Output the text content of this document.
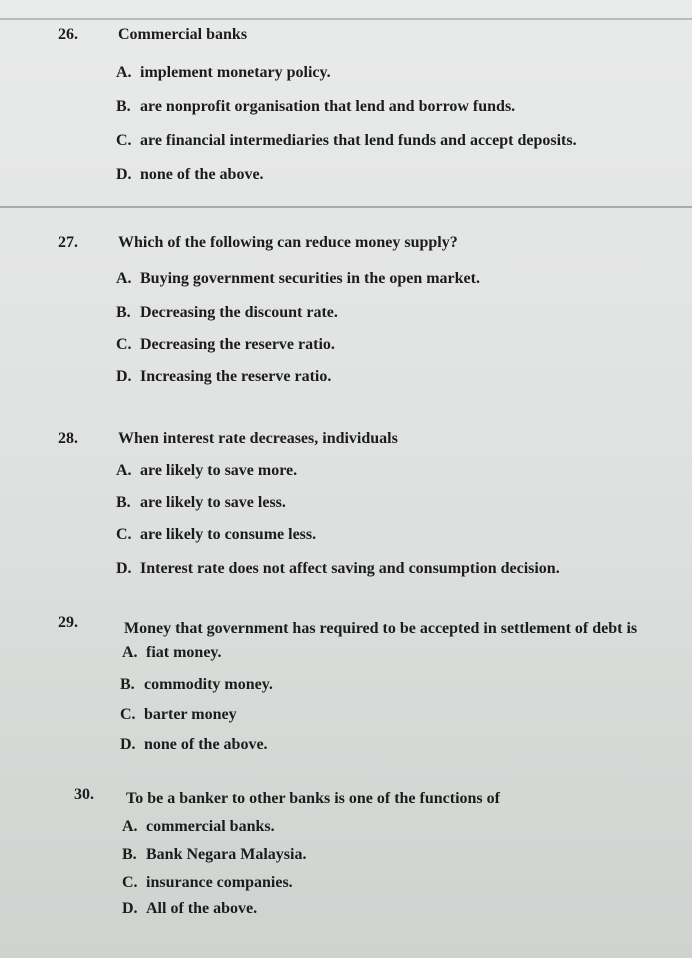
26.	Commercial banks
A. implement monetary policy.
B. are nonprofit organisation that lend and borrow funds.
C. are financial intermediaries that lend funds and accept deposits.
D. none of the above.
27.	Which of the following can reduce money supply?
A. Buying government securities in the open market.
B. Decreasing the discount rate.
C. Decreasing the reserve ratio.
D. Increasing the reserve ratio.
28.	When interest rate decreases, individuals
A. are likely to save more.
B. are likely to save less.
C. are likely to consume less.
D. Interest rate does not affect saving and consumption decision.
29.	Money that government has required to be accepted in settlement of debt is
A. fiat money.
B. commodity money.
C. barter money
D. none of the above.
30. To be a banker to other banks is one of the functions of
A. commercial banks.
B. Bank Negara Malaysia.
C. insurance companies.
D. All of the above.
